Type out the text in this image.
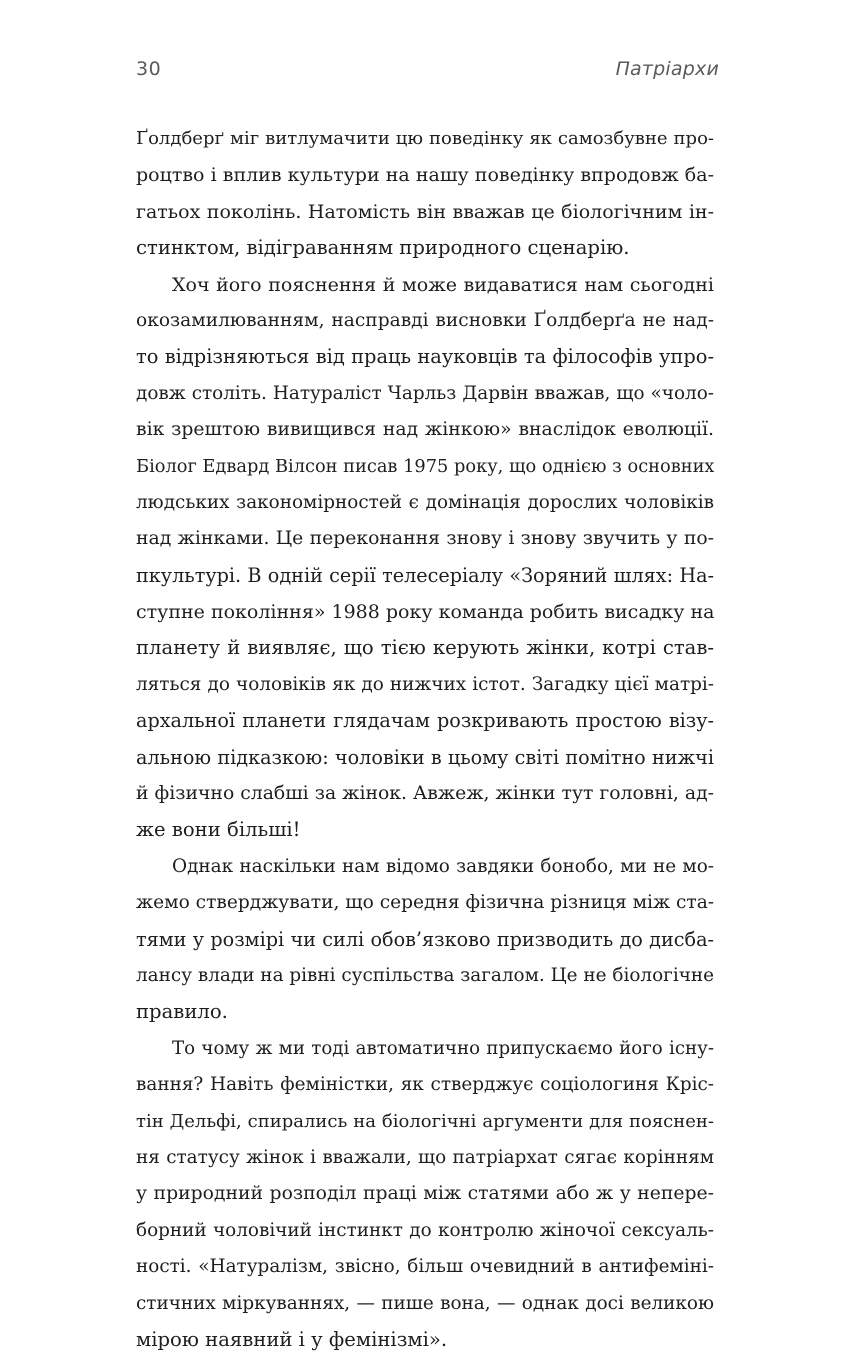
30	Патріархи
Ґолдберґ міг витлумачити цю поведінку як самозбувне про-
роцтво і вплив культури на нашу поведінку впродовж ба-
гатьох поколінь. Натомість він вважав це біологічним ін-
стинктом, відіграванням природного сценарію.
Хоч його пояснення й може видаватися нам сьогодні
окозамилюванням, насправді висновки Ґолдберґа не над-
то відрізняються від праць науковців та філософів упро-
довж століть. Натураліст Чарльз Дарвін вважав, що «чоло-
вік зрештою вивищився над жінкою» внаслідок еволюції.
Біолог Едвард Вілсон писав 1975 року, що однією з основних
людських закономірностей є домінація дорослих чоловіків
над жінками. Це переконання знову і знову звучить у по-
пкультурі. В одній серії телесеріалу «Зоряний шлях: На-
ступне покоління» 1988 року команда робить висадку на
планету й виявляє, що тією керують жінки, котрі став-
ляться до чоловіків як до нижчих істот. Загадку цієї матрі-
архальної планети глядачам розкривають простою візу-
альною підказкою: чоловіки в цьому світі помітно нижчі
й фізично слабші за жінок. Авжеж, жінки тут головні, ад-
же вони більші!
Однак наскільки нам відомо завдяки бонобо, ми не мо-
жемо стверджувати, що середня фізична різниця між ста-
тями у розмірі чи силі обов’язково призводить до дисба-
лансу влади на рівні суспільства загалом. Це не біологічне
правило.
То чому ж ми тоді автоматично припускаємо його існу-
вання? Навіть феміністки, як стверджує соціологиня Кріс-
тін Дельфі, спирались на біологічні аргументи для пояснен-
ня статусу жінок і вважали, що патріархат сягає корінням
у природний розподіл праці між статями або ж у непере-
борний чоловічий інстинкт до контролю жіночої сексуаль-
ності. «Натуралізм, звісно, більш очевидний в антифеміні-
стичних міркуваннях, — пише вона, — однак досі великою
мірою наявний і у фемінізмі».
